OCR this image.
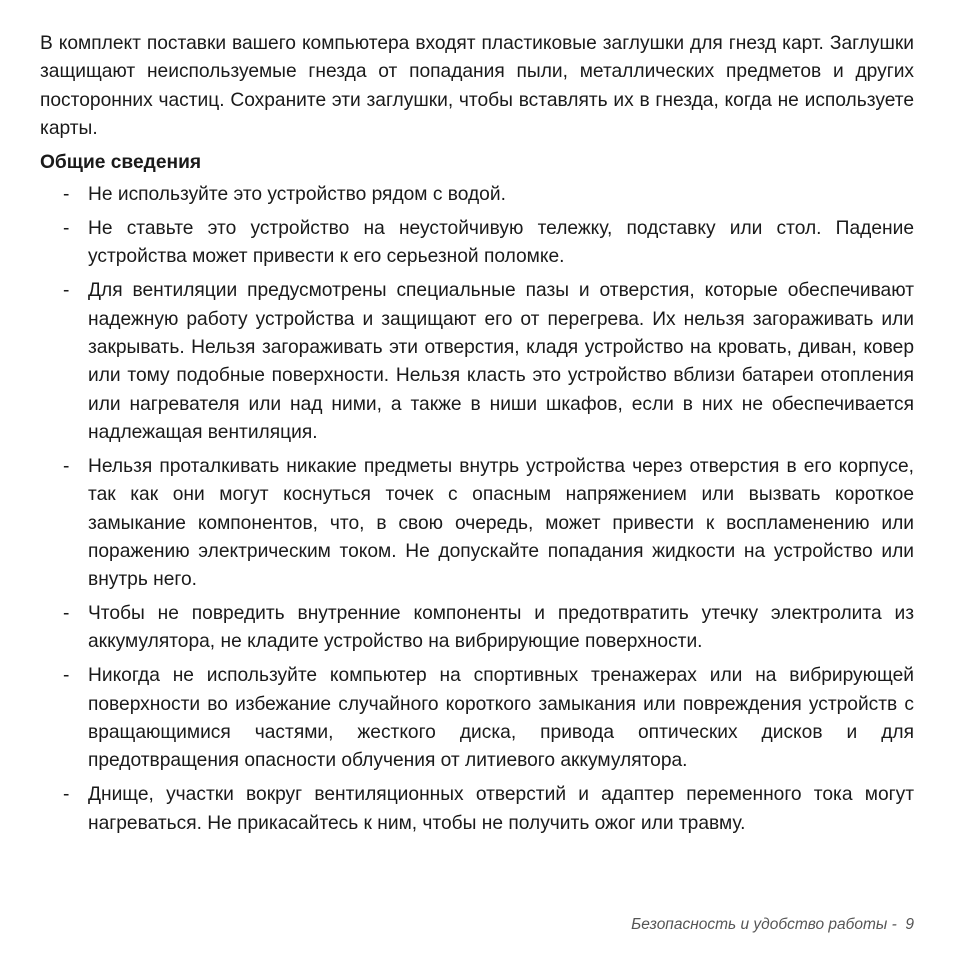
В комплект поставки вашего компьютера входят пластиковые заглушки для гнезд карт. Заглушки защищают неиспользуемые гнезда от попадания пыли, металлических предметов и других посторонних частиц. Сохраните эти заглушки, чтобы вставлять их в гнезда, когда не используете карты.

Общие сведения
- Не используйте это устройство рядом с водой.
- Не ставьте это устройство на неустойчивую тележку, подставку или стол. Падение устройства может привести к его серьезной поломке.
- Для вентиляции предусмотрены специальные пазы и отверстия, которые обеспечивают надежную работу устройства и защищают его от перегрева. Их нельзя загораживать или закрывать. Нельзя загораживать эти отверстия, кладя устройство на кровать, диван, ковер или тому подобные поверхности. Нельзя класть это устройство вблизи батареи отопления или нагревателя или над ними, а также в ниши шкафов, если в них не обеспечивается надлежащая вентиляция.
- Нельзя проталкивать никакие предметы внутрь устройства через отверстия в его корпусе, так как они могут коснуться точек с опасным напряжением или вызвать короткое замыкание компонентов, что, в свою очередь, может привести к воспламенению или поражению электрическим током. Не допускайте попадания жидкости на устройство или внутрь него.
- Чтобы не повредить внутренние компоненты и предотвратить утечку электролита из аккумулятора, не кладите устройство на вибрирующие поверхности.
- Никогда не используйте компьютер на спортивных тренажерах или на вибрирующей поверхности во избежание случайного короткого замыкания или повреждения устройств с вращающимися частями, жесткого диска, привода оптических дисков и для предотвращения опасности облучения от литиевого аккумулятора.
- Днище, участки вокруг вентиляционных отверстий и адаптер переменного тока могут нагреваться. Не прикасайтесь к ним, чтобы не получить ожог или травму.
Безопасность и удобство работы -  9
